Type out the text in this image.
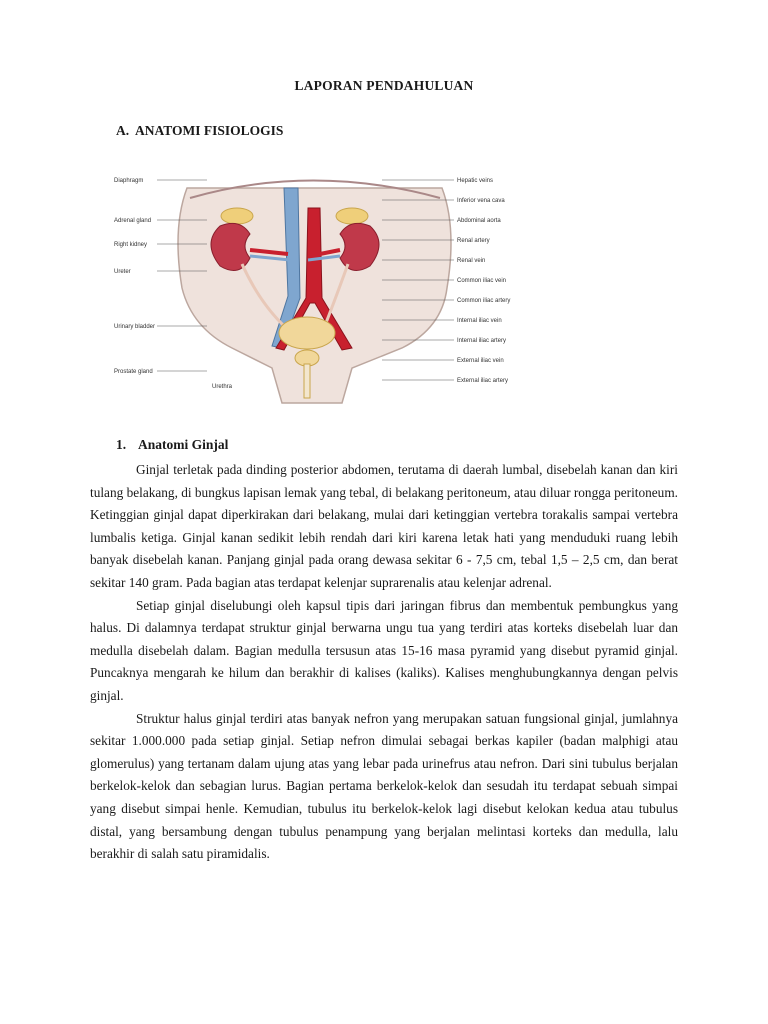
LAPORAN PENDAHULUAN
A. ANATOMI FISIOLOGIS
Diaphragm
Adrenal gland
Right kidney
Ureter
Urinary bladder
Prostate gland
Hepatic veins
Inferior vena cava
Abdominal aorta
Renal artery
Renal vein
Common iliac vein
Common iliac artery
Internal iliac vein
Internal iliac artery
External iliac vein
External iliac artery
Urethra
1. Anatomi Ginjal

Ginjal terletak pada dinding posterior abdomen, terutama di daerah lumbal, disebelah kanan dan kiri tulang belakang, di bungkus lapisan lemak yang tebal, di belakang peritoneum, atau diluar rongga peritoneum. Ketinggian ginjal dapat diperkirakan dari belakang, mulai dari ketinggian vertebra torakalis sampai vertebra lumbalis ketiga. Ginjal kanan sedikit lebih rendah dari kiri karena letak hati yang menduduki ruang lebih banyak disebelah kanan. Panjang ginjal pada orang dewasa sekitar 6 - 7,5 cm, tebal 1,5 – 2,5 cm, dan berat sekitar 140 gram. Pada bagian atas terdapat kelenjar suprarenalis atau kelenjar adrenal.

Setiap ginjal diselubungi oleh kapsul tipis dari jaringan fibrus dan membentuk pembungkus yang halus. Di dalamnya terdapat struktur ginjal berwarna ungu tua yang terdiri atas korteks disebelah luar dan medulla disebelah dalam. Bagian medulla tersusun atas 15-16 masa pyramid yang disebut pyramid ginjal. Puncaknya mengarah ke hilum dan berakhir di kalises (kaliks). Kalises menghubungkannya dengan pelvis ginjal.

Struktur halus ginjal terdiri atas banyak nefron yang merupakan satuan fungsional ginjal, jumlahnya sekitar 1.000.000 pada setiap ginjal. Setiap nefron dimulai sebagai berkas kapiler (badan malphigi atau glomerulus) yang tertanam dalam ujung atas yang lebar pada urinefrus atau nefron. Dari sini tubulus berjalan berkelok-kelok dan sebagian lurus. Bagian pertama berkelok-kelok dan sesudah itu terdapat sebuah simpai yang disebut simpai henle. Kemudian, tubulus itu berkelok-kelok lagi disebut kelokan kedua atau tubulus distal, yang bersambung dengan tubulus penampung yang berjalan melintasi korteks dan medulla, lalu berakhir di salah satu piramidalis.
